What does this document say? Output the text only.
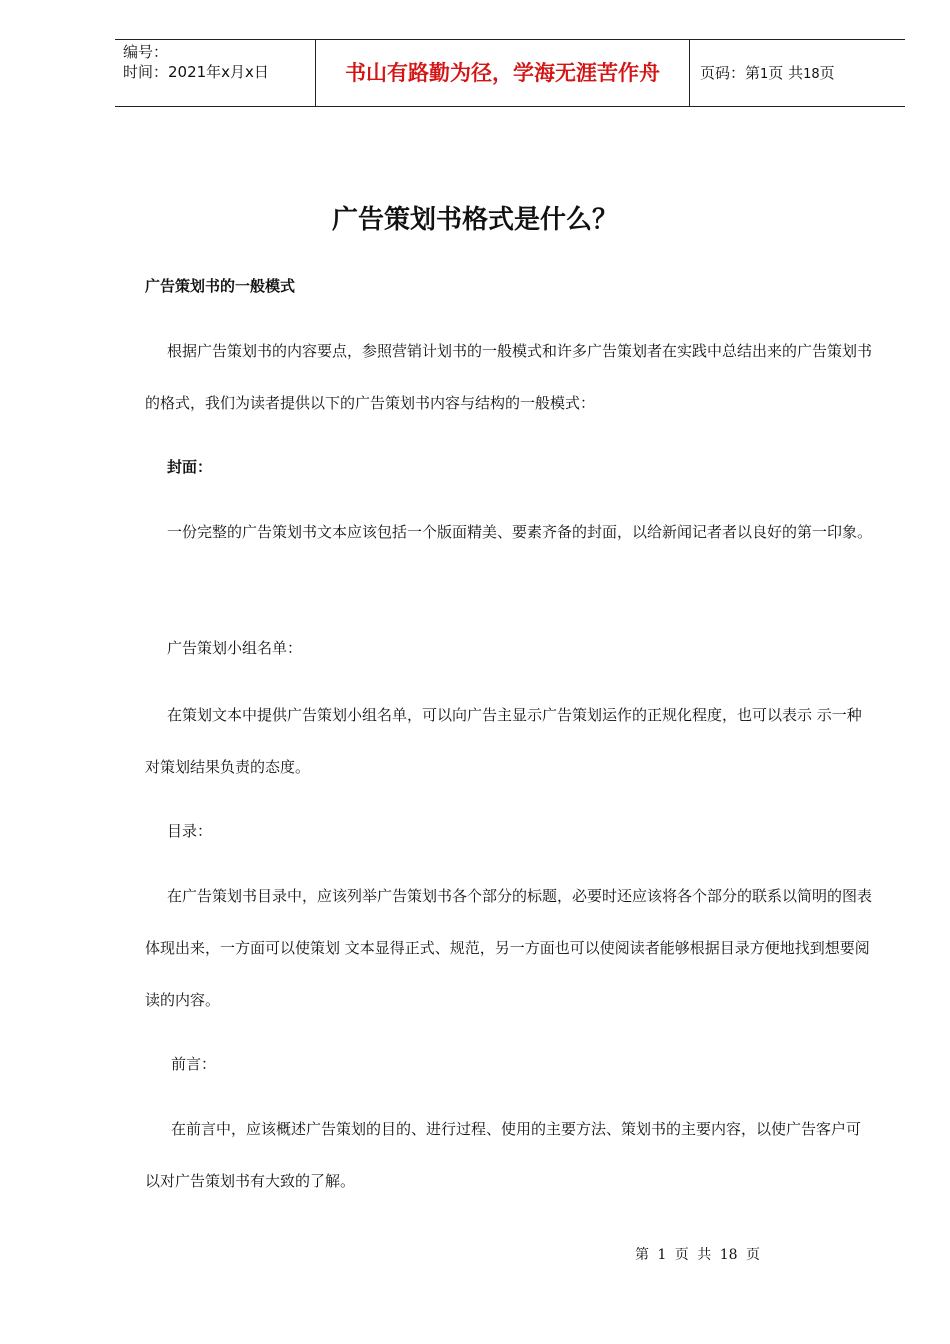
编号：
时间：2021年x月x日	书山有路勤为径，学海无涯苦作舟	页码：第1页 共18页
广告策划书格式是什么？
广告策划书的一般模式

根据广告策划书的内容要点，参照营销计划书的一般模式和许多广告策划者在实践中总结出来的广告策划书的格式，我们为读者提供以下的广告策划书内容与结构的一般模式：

封面：

一份完整的广告策划书文本应该包括一个版面精美、要素齐备的封面，以给新闻记者者以良好的第一印象。

广告策划小组名单：

在策划文本中提供广告策划小组名单，可以向广告主显示广告策划运作的正规化程度，也可以表示 示一种对策划结果负责的态度。

目录：

在广告策划书目录中，应该列举广告策划书各个部分的标题，必要时还应该将各个部分的联系以简明的图表体现出来，一方面可以使策划 文本显得正式、规范，另一方面也可以使阅读者能够根据目录方便地找到想要阅读的内容。

前言：

在前言中，应该概述广告策划的目的、进行过程、使用的主要方法、策划书的主要内容，以使广告客户可以对广告策划书有大致的了解。

第 1 页 共 18 页
